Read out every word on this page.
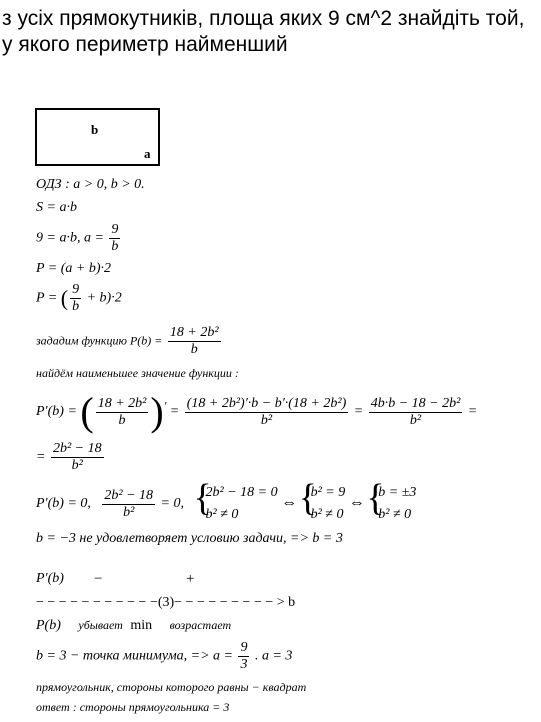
з усіх прямокутників, площа яких 9 см^2 знайдіть той, у якого периметр найменший
b
a
ОДЗ : a > 0, b > 0.
S = a·b
9 = a·b, $a = \frac{9}{b}$
P = (a + b)·2
P = ( $\frac{9}{b} + b)\cdot 2$
зададим функцию $P(b) = \frac{\text{18 + 2b²}}{b}$
найдём наименьшее значение функции :
P′(b) = ( $\frac{\text{18 + 2b²}}{b} )' = \frac{\text{(18 + 2b²)′·b − b′·(18 + 2b²)}}{\text{b²}} = \frac{\text{4b·b − 18 − 2b²}}{\text{b²}}$ =
= $\frac{\text{2b² − 18}}{\text{b²}}$
P′(b) = 0, $\frac{\text{2b² − 18}}{\text{b²}} = 0$,
{ 2b² − 18 = 0
b² ≠ 0
⇔
{ b² = 9
b² ≠ 0
⇔
{ b = ±3
b² ≠ 0
b = −3 не удовлетворяет условию задачи, => b = 3
P′(b) −	+
− − − − − − − − − − −(3)− − − − − − − − − > b
P(b) убывает min возрастает
b = 3 − точка минимума, => $a = \frac{9}{3}$ . a = 3
прямоугольник, стороны которого равны − квадрат
ответ : стороны прямоугольника = 3
